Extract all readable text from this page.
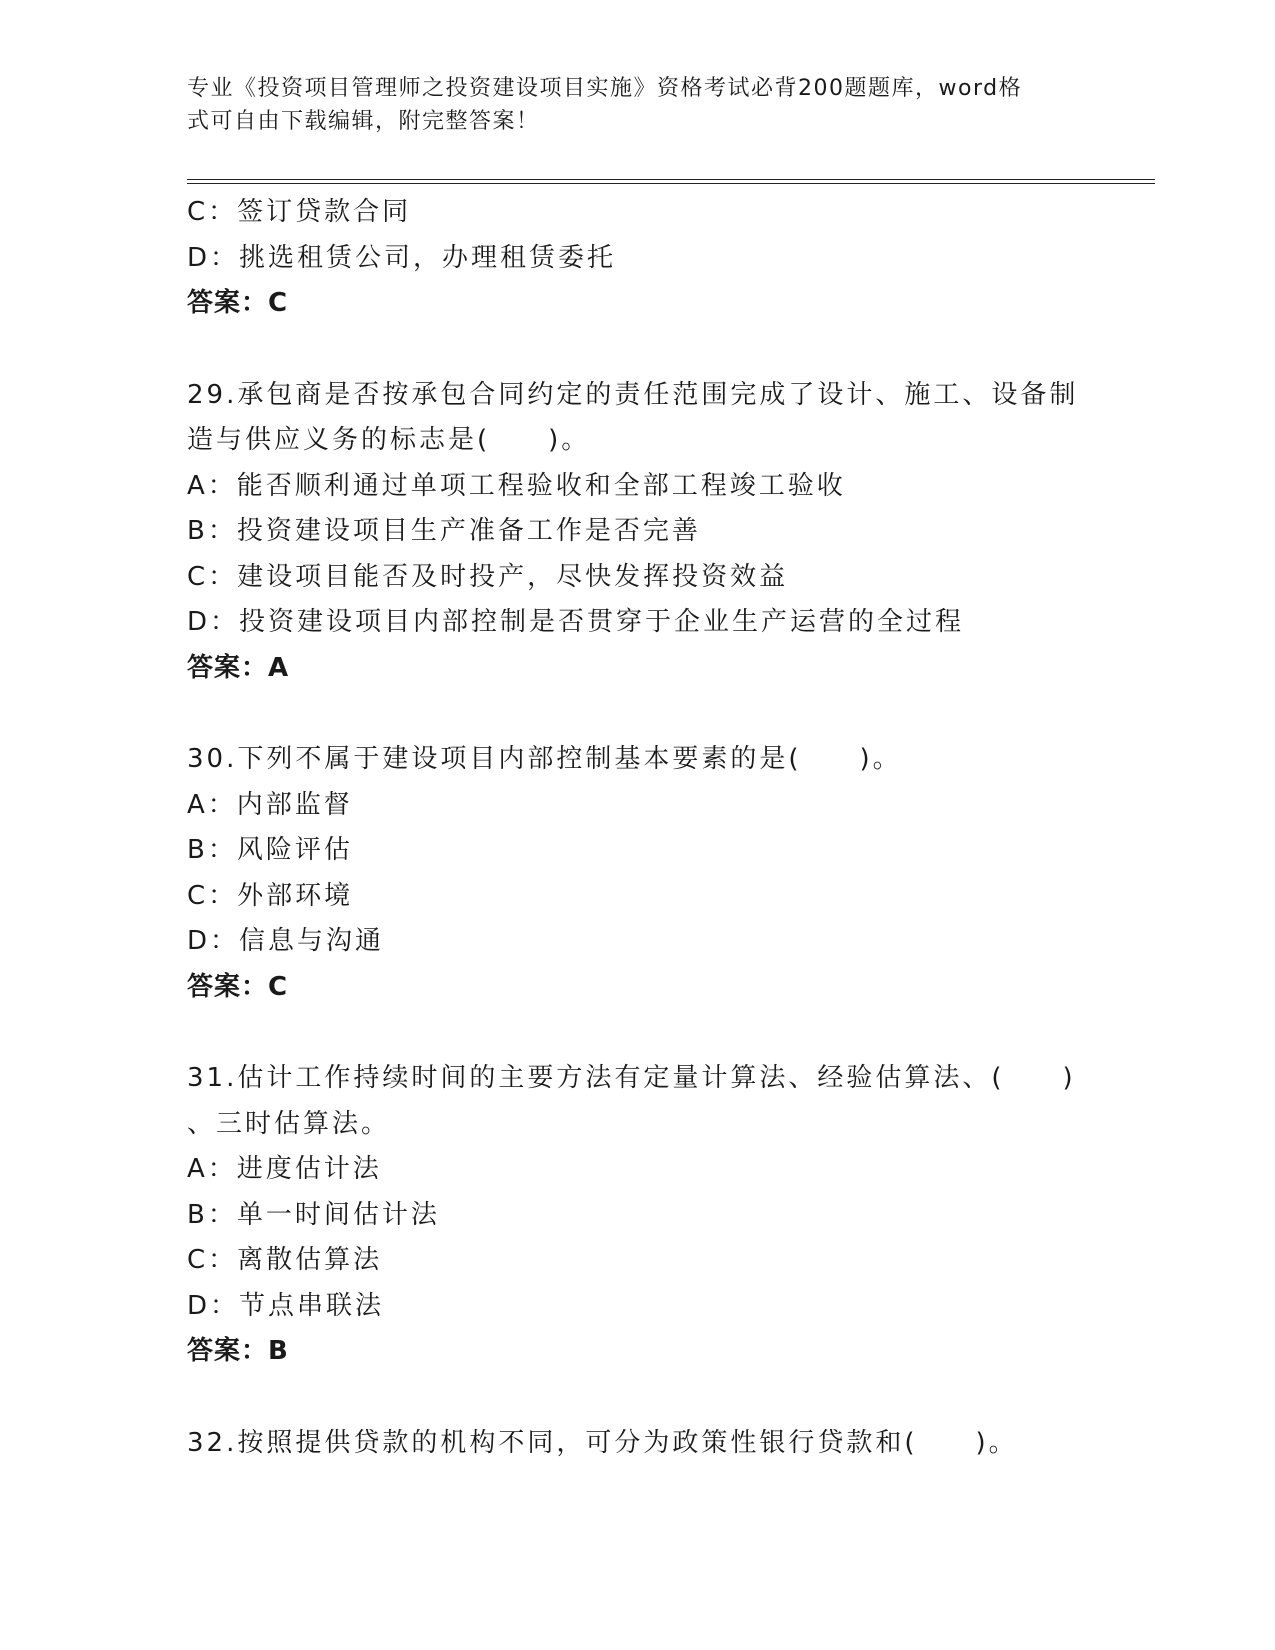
专业《投资项目管理师之投资建设项目实施》资格考试必背200题题库，word格
式可自由下载编辑，附完整答案！
C：签订贷款合同
D：挑选租赁公司，办理租赁委托
答案：C
29.承包商是否按承包合同约定的责任范围完成了设计、施工、设备制
造与供应义务的标志是(　　)。
A：能否顺利通过单项工程验收和全部工程竣工验收
B：投资建设项目生产准备工作是否完善
C：建设项目能否及时投产，尽快发挥投资效益
D：投资建设项目内部控制是否贯穿于企业生产运营的全过程
答案：A
30.下列不属于建设项目内部控制基本要素的是(　　)。
A：内部监督
B：风险评估
C：外部环境
D：信息与沟通
答案：C
31.估计工作持续时间的主要方法有定量计算法、经验估算法、(　　)
、三时估算法。
A：进度估计法
B：单一时间估计法
C：离散估算法
D：节点串联法
答案：B
32.按照提供贷款的机构不同，可分为政策性银行贷款和(　　)。
